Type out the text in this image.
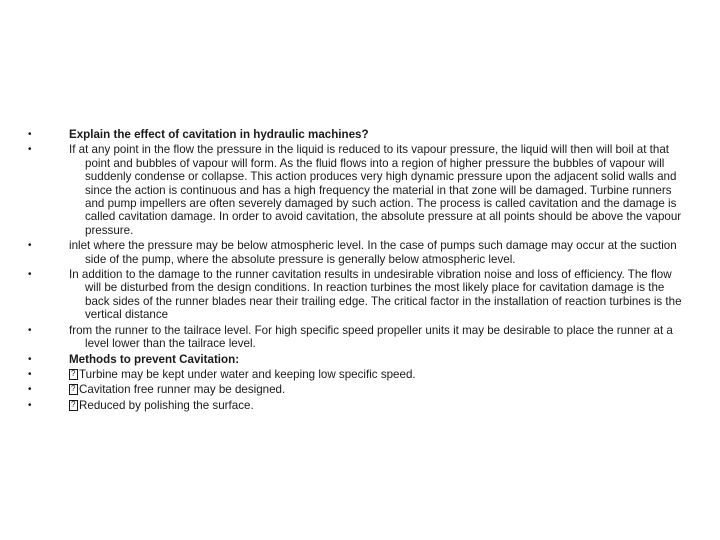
•	Explain the effect of cavitation in hydraulic machines?
•	If at any point in the flow the pressure in the liquid is reduced to its vapour pressure, the liquid will then will boil at that point and bubbles of vapour will form. As the fluid flows into a region of higher pressure the bubbles of vapour will suddenly condense or collapse. This action produces very high dynamic pressure upon the adjacent solid walls and since the action is continuous and has a high frequency the material in that zone will be damaged. Turbine runners and pump impellers are often severely damaged by such action. The process is called cavitation and the damage is called cavitation damage. In order to avoid cavitation, the absolute pressure at all points should be above the vapour pressure.
•	inlet where the pressure may be below atmospheric level. In the case of pumps such damage may occur at the suction side of the pump, where the absolute pressure is generally below atmospheric level.
•	In addition to the damage to the runner cavitation results in undesirable vibration noise and loss of efficiency. The flow will be disturbed from the design conditions. In reaction turbines the most likely place for cavitation damage is the back sides of the runner blades near their trailing edge. The critical factor in the installation of reaction turbines is the vertical distance
•	from the runner to the tailrace level. For high specific speed propeller units it may be desirable to place the runner at a level lower than the tailrace level.
•	Methods to prevent Cavitation:
• ?	Turbine may be kept under water and keeping low specific speed.
• ?	Cavitation free runner may be designed.
• ?	Reduced by polishing the surface.
